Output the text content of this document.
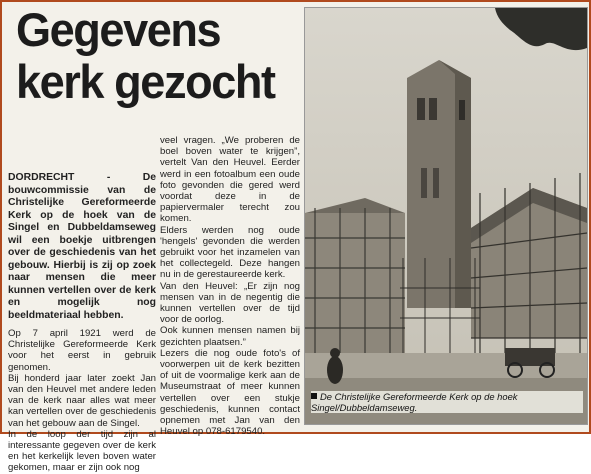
Gegevens
kerk gezocht

DORDRECHT - De bouwcommissie van de Christelijke Gereformeerde Kerk op de hoek van de Singel en Dubbeldamseweg wil een boekje uitbrengen over de geschiedenis van het gebouw. Hierbij is zij op zoek naar mensen die meer kunnen vertellen over de kerk en mogelijk nog beeldmateriaal hebben.

Op 7 april 1921 werd de Christelijke Gereformeerde Kerk voor het eerst in gebruik genomen.

Bij honderd jaar later zoekt Jan van den Heuvel met andere leden van de kerk naar alles wat meer kan vertellen over de geschiedenis van het gebouw aan de Singel.

In de loop der tijd zijn al interessante gegeven over de kerk en het kerkelijk leven boven water gekomen, maar er zijn ook nog

veel vragen. „We proberen de boel boven water te krijgen”, vertelt Van den Heuvel. Eerder werd in een fotoalbum een oude foto gevonden die gered werd voordat deze in de papiervermaler terecht zou komen.

Elders werden nog oude 'hengels' gevonden die werden gebruikt voor het inzamelen van het collectegeld. Deze hangen nu in de gerestaureerde kerk.

Van den Heuvel: „Er zijn nog mensen van in de negentig die kunnen vertellen over de tijd voor de oorlog.

Ook kunnen mensen namen bij gezichten plaatsen.”

Lezers die nog oude foto's of voorwerpen uit de kerk bezitten of uit de voormalige kerk aan de Museumstraat of meer kunnen vertellen over een stukje geschiedenis, kunnen contact opnemen met Jan van den Heuvel op 078-6179540.

De Christelijke Gereformeerde Kerk op de hoek Singel/Dubbeldamseweg.
